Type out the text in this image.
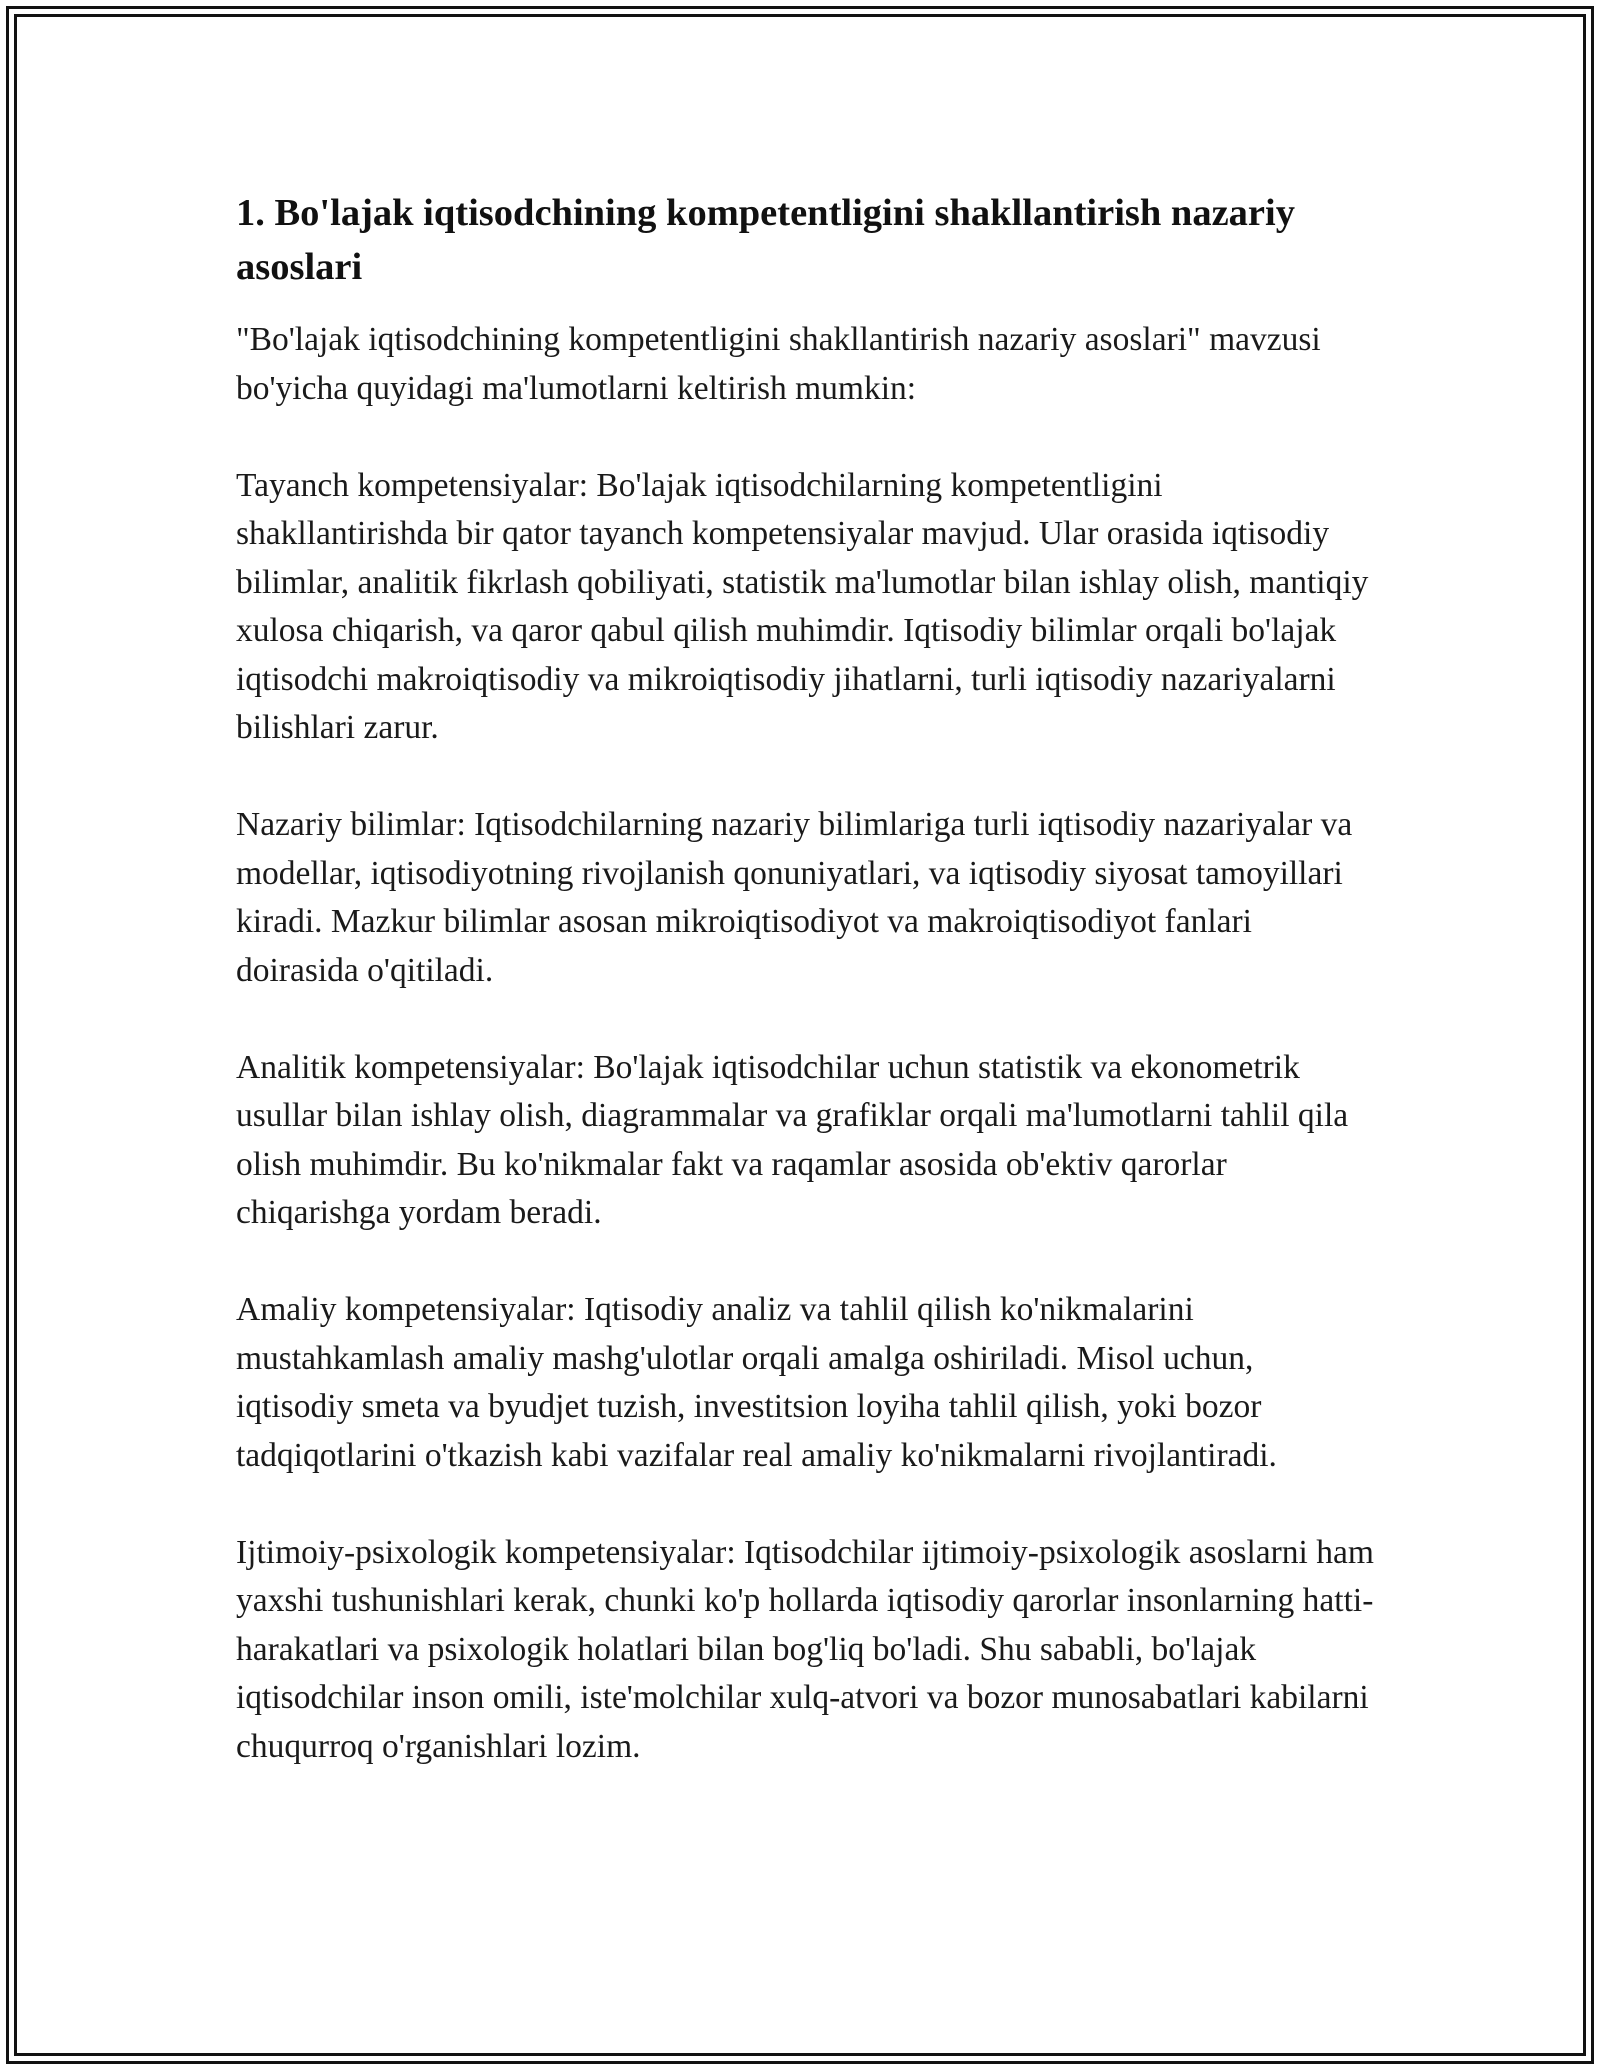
1. Bo'lajak iqtisodchining kompetentligini shakllantirish nazariy asoslari

"Bo'lajak iqtisodchining kompetentligini shakllantirish nazariy asoslari" mavzusi bo'yicha quyidagi ma'lumotlarni keltirish mumkin:

Tayanch kompetensiyalar: Bo'lajak iqtisodchilarning kompetentligini shakllantirishda bir qator tayanch kompetensiyalar mavjud. Ular orasida iqtisodiy bilimlar, analitik fikrlash qobiliyati, statistik ma'lumotlar bilan ishlay olish, mantiqiy xulosa chiqarish, va qaror qabul qilish muhimdir. Iqtisodiy bilimlar orqali bo'lajak iqtisodchi makroiqtisodiy va mikroiqtisodiy jihatlarni, turli iqtisodiy nazariyalarni bilishlari zarur.

Nazariy bilimlar: Iqtisodchilarning nazariy bilimlariga turli iqtisodiy nazariyalar va modellar, iqtisodiyotning rivojlanish qonuniyatlari, va iqtisodiy siyosat tamoyillari kiradi. Mazkur bilimlar asosan mikroiqtisodiyot va makroiqtisodiyot fanlari doirasida o'qitiladi.

Analitik kompetensiyalar: Bo'lajak iqtisodchilar uchun statistik va ekonometrik usullar bilan ishlay olish, diagrammalar va grafiklar orqali ma'lumotlarni tahlil qila olish muhimdir. Bu ko'nikmalar fakt va raqamlar asosida ob'ektiv qarorlar chiqarishga yordam beradi.

Amaliy kompetensiyalar: Iqtisodiy analiz va tahlil qilish ko'nikmalarini mustahkamlash amaliy mashg'ulotlar orqali amalga oshiriladi. Misol uchun, iqtisodiy smeta va byudjet tuzish, investitsion loyiha tahlil qilish, yoki bozor tadqiqotlarini o'tkazish kabi vazifalar real amaliy ko'nikmalarni rivojlantiradi.

Ijtimoiy-psixologik kompetensiyalar: Iqtisodchilar ijtimoiy-psixologik asoslarni ham yaxshi tushunishlari kerak, chunki ko'p hollarda iqtisodiy qarorlar insonlarning hatti-harakatlari va psixologik holatlari bilan bog'liq bo'ladi. Shu sababli, bo'lajak iqtisodchilar inson omili, iste'molchilar xulq-atvori va bozor munosabatlari kabilarni chuqurroq o'rganishlari lozim.
